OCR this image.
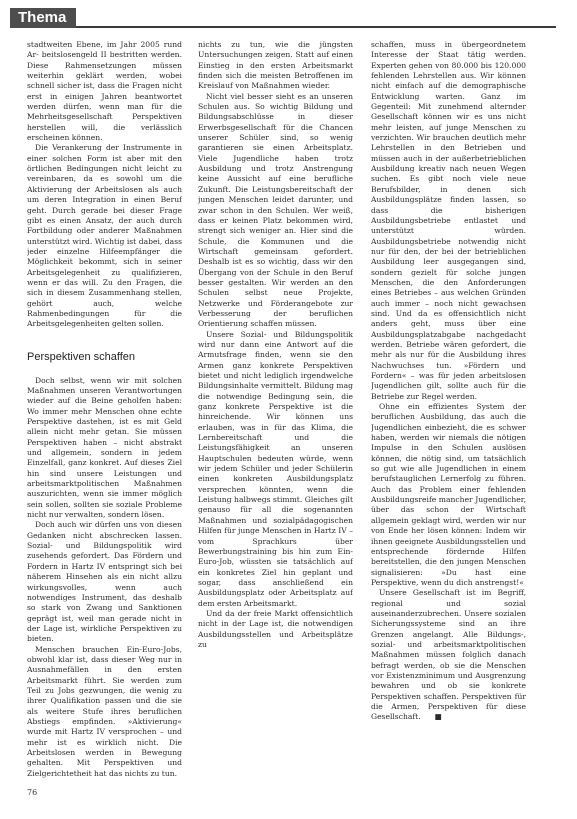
Thema

stadtweiten Ebene, im Jahr 2005 rund Ar- beitslosengeld II bestritten werden. Diese Rahmensetzungen müssen weiterhin geklärt werden, wobei schnell sicher ist, dass die Fragen nicht erst in einigen Jahren beantwortet werden dürfen, wenn man für die Mehrheitsgesellschaft Perspektiven herstellen will, die verlässlich erscheinen können.

Die Verankerung der Instrumente in einer solchen Form ist aber mit den örtlichen Bedingungen nicht leicht zu vereinbaren, da es sowohl um die Aktivierung der Arbeitslosen als auch um deren Integration in einen Beruf geht. Durch gerade bei dieser Frage gibt es einen Ansatz, der auch durch Fortbildung oder anderer Maßnahmen unterstützt wird. Wichtig ist dabei, dass jeder einzelne Hilfeempfänger die Möglichkeit bekommt, sich in seiner Arbeitsgelegenheit zu qualifizieren, wenn er das will. Zu den Fragen, die sich in diesem Zusammenhang stellen, gehört auch, welche Rahmenbedingungen für die Arbeitsgelegenheiten gelten sollen.

Perspektiven schaffen

Doch selbst, wenn wir mit solchen Maßnahmen unseren Verantwortungen wieder auf die Beine geholfen haben: Wo immer mehr Menschen ohne echte Perspektive dastehen, ist es mit Geld allein nicht mehr getan. Sie müssen Perspektiven haben – nicht abstrakt und allgemein, sondern in jedem Einzelfall, ganz konkret. Auf dieses Ziel hin sind unsere Leistungen und arbeitsmarktpolitischen Maßnahmen auszurichten, wenn sie immer möglich sein sollen, sollten sie soziale Probleme nicht nur verwalten, sondern lösen.

Doch auch wir dürfen uns von diesen Gedanken nicht abschrecken lassen. Sozial- und Bildungspolitik wird zusehends gefordert. Das Fördern und Fordern in Hartz IV entspringt sich bei näherem Hinsehen als ein nicht allzu wirkungsvolles, wenn auch notwendiges Instrument, das deshalb so stark von Zwang und Sanktionen geprägt ist, weil man gerade nicht in der Lage ist, wirkliche Perspektiven zu bieten.

Menschen brauchen Ein-Euro-Jobs, obwohl klar ist, dass dieser Weg nur in Ausnahmefällen in den ersten Arbeitsmarkt führt. Sie werden zum Teil zu Jobs gezwungen, die wenig zu ihrer Qualifikation passen und die sie als weitere Stufe ihres beruflichen Abstiegs empfinden. »Aktivierung« wurde mit Hartz IV versprochen – und mehr ist es wirklich nicht. Die Arbeitslosen werden in Bewegung gehalten. Mit Perspektiven und Zielgerichtetheit hat das nichts zu tun.

nichts zu tun, wie die jüngsten Untersuchungen zeigen. Statt auf einen Einstieg in den ersten Arbeitsmarkt finden sich die meisten Betroffenen im Kreislauf von Maßnahmen wieder.

Nicht viel besser sieht es an unseren Schulen aus. So wichtig Bildung und Bildungsabschlüsse in dieser Erwerbsgesellschaft für die Chancen unserer Schüler sind, so wenig garantieren sie einen Arbeitsplatz. Viele Jugendliche haben trotz Ausbildung und trotz Anstrengung keine Aussicht auf eine berufliche Zukunft. Die Leistungsbereitschaft der jungen Menschen leidet darunter, und zwar schon in den Schulen. Wer weiß, dass er keinen Platz bekommen wird, strengt sich weniger an. Hier sind die Schule, die Kommunen und die Wirtschaft gemeinsam gefordert. Deshalb ist es so wichtig, dass wir den Übergang von der Schule in den Beruf besser gestalten. Wir werden an den Schulen selbst neue Projekte, Netzwerke und Förderangebote zur Verbesserung der beruflichen Orientierung schaffen müssen.

Unsere Sozial- und Bildungspolitik wird nur dann eine Antwort auf die Armutsfrage finden, wenn sie den Armen ganz konkrete Perspektiven bietet und nicht lediglich irgendwelche Bildungsinhalte vermittelt. Bildung mag die notwendige Bedingung sein, die ganz konkrete Perspektive ist die hinreichende. Wir können uns erlauben, was in für das Klima, die Lernbereitschaft und die Leistungsfähigkeit an unseren Hauptschulen bedeuten würde, wenn wir jedem Schüler und jeder Schülerin einen konkreten Ausbildungsplatz versprechen könnten, wenn die Leistung halbwegs stimmt. Gleiches gilt genauso für all die sogenannten Maßnahmen und sozialpädagogischen Hilfen für junge Menschen in Hartz IV – vom Sprachkurs über Bewerbungstraining bis hin zum Ein-Euro-Job, wüssten sie tatsächlich auf ein konkretes Ziel hin geplant und sogar, dass anschließend ein Ausbildungsplatz oder Arbeitsplatz auf dem ersten Arbeitsmarkt.

Und da der freie Markt offensichtlich nicht in der Lage ist, die notwendigen Ausbildungsstellen und Arbeitsplätze zu

schaffen, muss in übergeordnetem Interesse der Staat tätig werden. Experten gehen von 80.000 bis 120.000 fehlenden Lehrstellen aus. Wir können nicht einfach auf die demographische Entwicklung warten. Ganz im Gegenteil: Mit zunehmend alternder Gesellschaft können wir es uns nicht mehr leisten, auf junge Menschen zu verzichten. Wir brauchen deutlich mehr Lehrstellen in den Betrieben und müssen auch in der außerbetrieblichen Ausbildung kreativ nach neuen Wegen suchen. Es gibt noch viele neue Berufsbilder, in denen sich Ausbildungsplätze finden lassen, so dass die bisherigen Ausbildungsbetriebe entlastet und unterstützt würden. Ausbildungsbetriebe notwendig nicht nur für den, der bei der betrieblichen Ausbildung leer ausgegangen sind, sondern gezielt für solche jungen Menschen, die den Anforderungen eines Betriebes – aus welchen Gründen auch immer – noch nicht gewachsen sind. Und da es offensichtlich nicht anders geht, muss über eine Ausbildungsplatzabgabe nachgedacht werden. Betriebe wären gefordert, die mehr als nur für die Ausbildung ihres Nachwuchses tun. »Fördern und Fordern« – was für jeden arbeitslosen Jugendlichen gilt, sollte auch für die Betriebe zur Regel werden.

Ohne ein effizientes System der beruflichen Ausbildung, das auch die Jugendlichen einbezieht, die es schwer haben, werden wir niemals die nötigen Impulse in den Schulen auslösen können, die nötig sind, um tatsächlich so gut wie alle Jugendlichen in einem berufstauglichen Lernerfolg zu führen. Auch das Problem einer fehlenden Ausbildungsreife mancher Jugendlicher, über das schon der Wirtschaft allgemein geklagt wird, werden wir nur von Ende her lösen können: Indem wir ihnen geeignete Ausbildungsstellen und entsprechende fördernde Hilfen bereitstellen, die den jungen Menschen signalisieren: »Du hast eine Perspektive, wenn du dich anstrengst!«

Unsere Gesellschaft ist im Begriff, regional und sozial auseinanderzubrechen. Unsere sozialen Sicherungssysteme sind an ihre Grenzen angelangt. Alle Bildungs-, sozial- und arbeitsmarktpolitischen Maßnahmen müssen folglich danach befragt werden, ob sie die Menschen vor Existenzminimum und Ausgrenzung bewahren und ob sie konkrete Perspektiven schaffen. Perspektiven für die Armen, Perspektiven für diese Gesellschaft. ■

76
